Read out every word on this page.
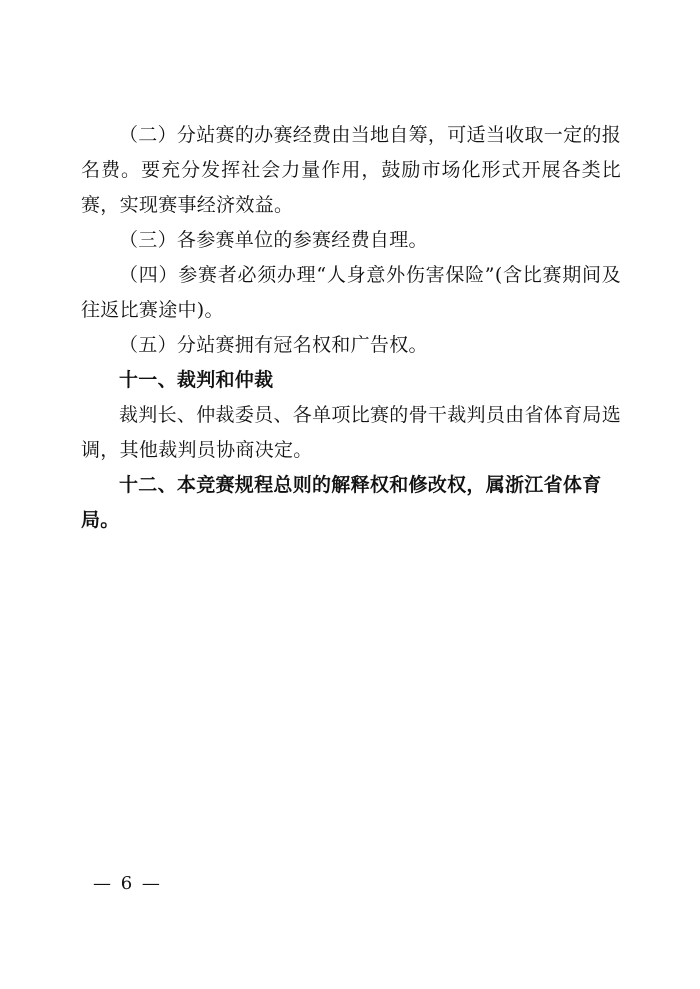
（二）分站赛的办赛经费由当地自筹，可适当收取一定的报名费。要充分发挥社会力量作用，鼓励市场化形式开展各类比赛，实现赛事经济效益。

（三）各参赛单位的参赛经费自理。

（四）参赛者必须办理“人身意外伤害保险”(含比赛期间及往返比赛途中)。

（五）分站赛拥有冠名权和广告权。

十一、裁判和仲裁

裁判长、仲裁委员、各单项比赛的骨干裁判员由省体育局选调，其他裁判员协商决定。

十二、本竞赛规程总则的解释权和修改权，属浙江省体育局。

— 6 —
